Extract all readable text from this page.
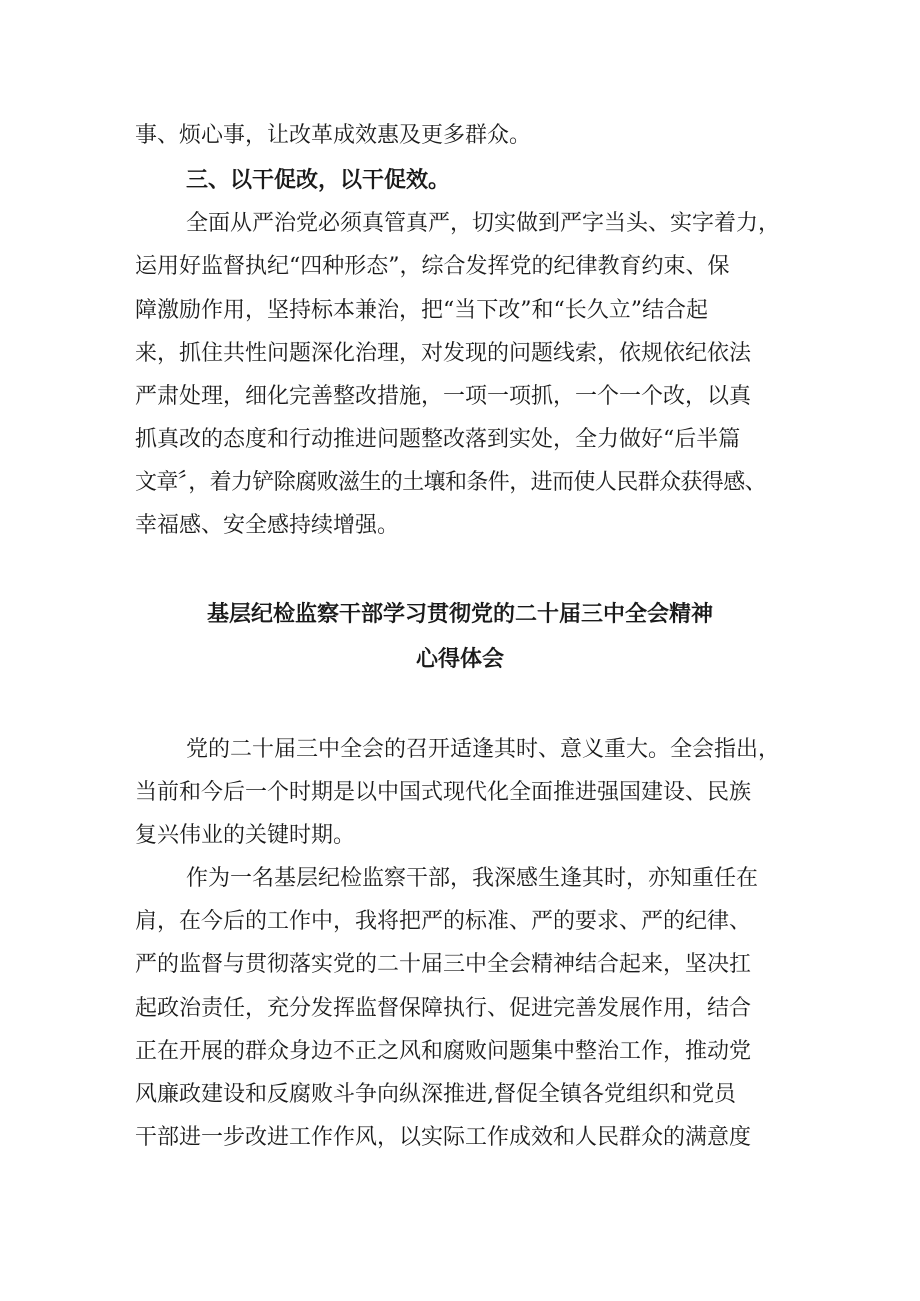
事、烦心事，让改革成效惠及更多群众。
三、以干促改，以干促效。
全面从严治党必须真管真严，切实做到严字当头、实字着力，
运用好监督执纪“四种形态”，综合发挥党的纪律教育约束、保
障激励作用，坚持标本兼治，把“当下改”和“长久立”结合起
来，抓住共性问题深化治理，对发现的问题线索，依规依纪依法
严肃处理，细化完善整改措施，一项一项抓，一个一个改，以真
抓真改的态度和行动推进问题整改落到实处，全力做好“后半篇
文章〞，着力铲除腐败滋生的土壤和条件，进而使人民群众获得感、
幸福感、安全感持续增强。
基层纪检监察干部学习贯彻党的二十届三中全会精神
心得体会
党的二十届三中全会的召开适逢其时、意义重大。全会指出，
当前和今后一个时期是以中国式现代化全面推进强国建设、民族
复兴伟业的关键时期。
作为一名基层纪检监察干部，我深感生逢其时，亦知重任在
肩，在今后的工作中，我将把严的标准、严的要求、严的纪律、
严的监督与贯彻落实党的二十届三中全会精神结合起来，坚决扛
起政治责任，充分发挥监督保障执行、促进完善发展作用，结合
正在开展的群众身边不正之风和腐败问题集中整治工作，推动党
风廉政建设和反腐败斗争向纵深推进,督促全镇各党组织和党员
干部进一步改进工作作风，以实际工作成效和人民群众的满意度
